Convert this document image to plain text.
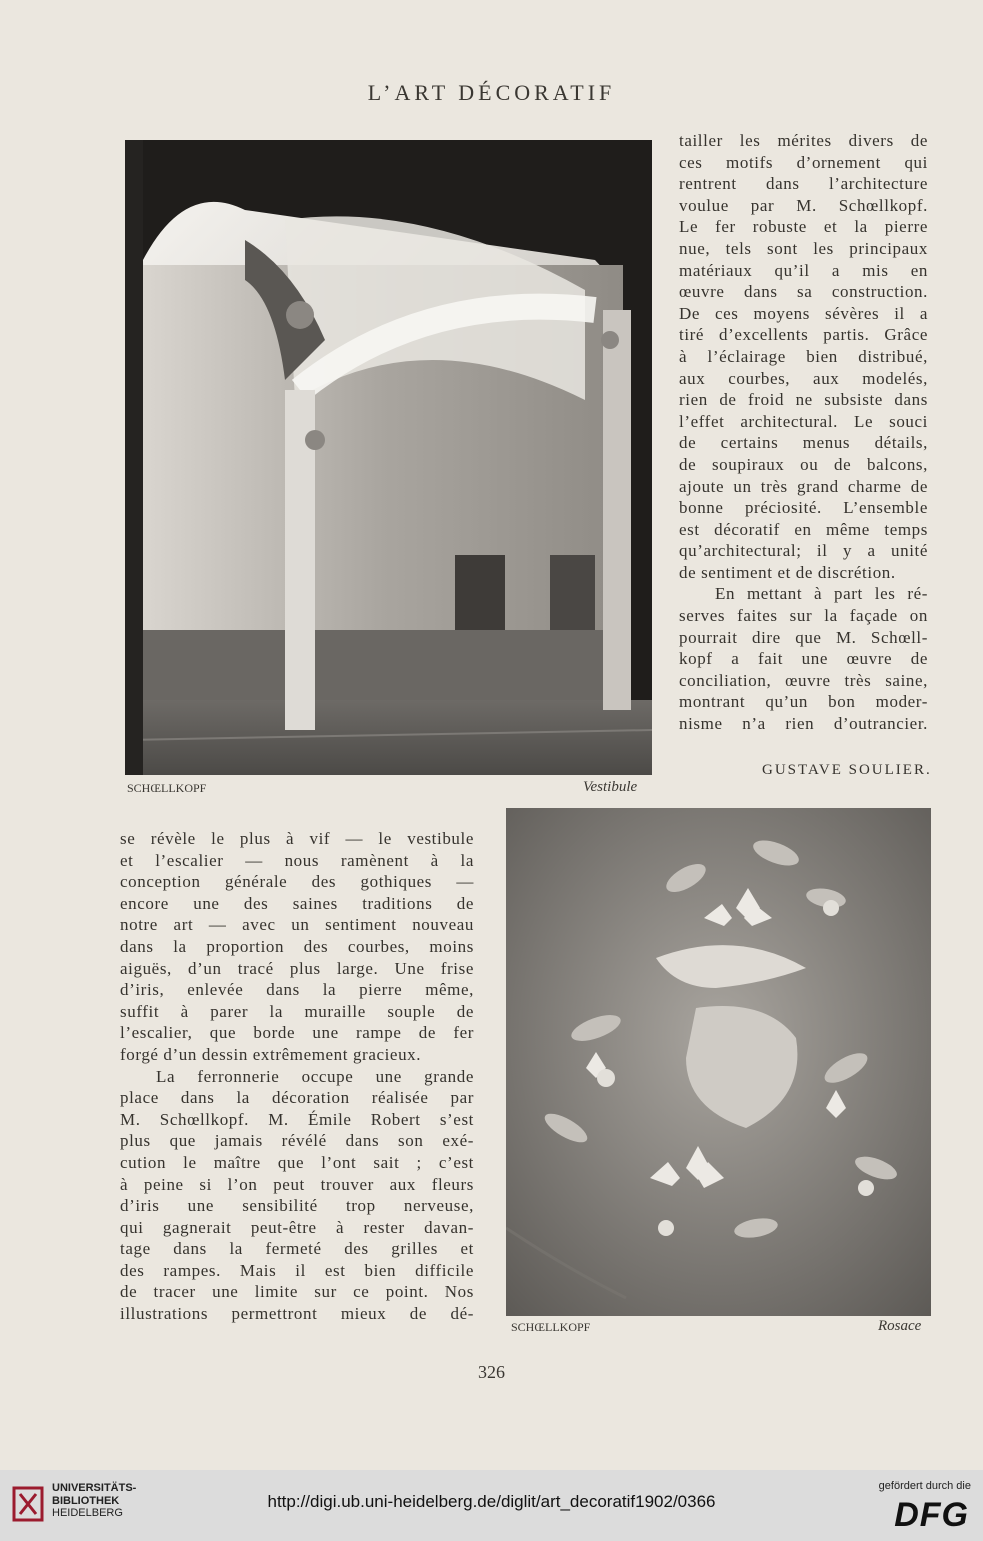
L’ART DÉCORATIF
SCHŒLLKOPF	Vestibule
tailler les mérites divers de
ces motifs d’ornement qui
rentrent dans l’architecture
voulue par M. Schœllkopf.
Le fer robuste et la pierre
nue, tels sont les principaux
matériaux qu’il a mis en
œuvre dans sa construction.
De ces moyens sévères il a
tiré d’excellents partis. Grâce
à l’éclairage bien distribué,
aux courbes, aux modelés,
rien de froid ne subsiste dans
l’effet architectural. Le souci
de certains menus détails,
de soupiraux ou de balcons,
ajoute un très grand charme de
bonne préciosité. L’ensemble
est décoratif en même temps
qu’architectural; il y a unité
de sentiment et de discrétion.
En mettant à part les ré-
serves faites sur la façade on
pourrait dire que M. Schœll-
kopf a fait une œuvre de
conciliation, œuvre très saine,
montrant qu’un bon moder-
nisme n’a rien d’outrancier.
GUSTAVE SOULIER.
se révèle le plus à vif — le vestibule
et l’escalier — nous ramènent à la
conception générale des gothiques —
encore une des saines traditions de
notre art — avec un sentiment nouveau
dans la proportion des courbes, moins
aiguës, d’un tracé plus large. Une frise
d’iris, enlevée dans la pierre même,
suffit à parer la muraille souple de
l’escalier, que borde une rampe de fer
forgé d’un dessin extrêmement gracieux.
La ferronnerie occupe une grande
place dans la décoration réalisée par
M. Schœllkopf. M. Émile Robert s’est
plus que jamais révélé dans son exé-
cution le maître que l’ont sait ; c’est
à peine si l’on peut trouver aux fleurs
d’iris une sensibilité trop nerveuse,
qui gagnerait peut-être à rester davan-
tage dans la fermeté des grilles et
des rampes. Mais il est bien difficile
de tracer une limite sur ce point. Nos
illustrations permettront mieux de dé-
SCHŒLLKOPF	Rosace
326
UNIVERSITÄTS-
BIBLIOTHEK
HEIDELBERG
http://digi.ub.uni-heidelberg.de/diglit/art_decoratif1902/0366
gefördert durch die
DFG
